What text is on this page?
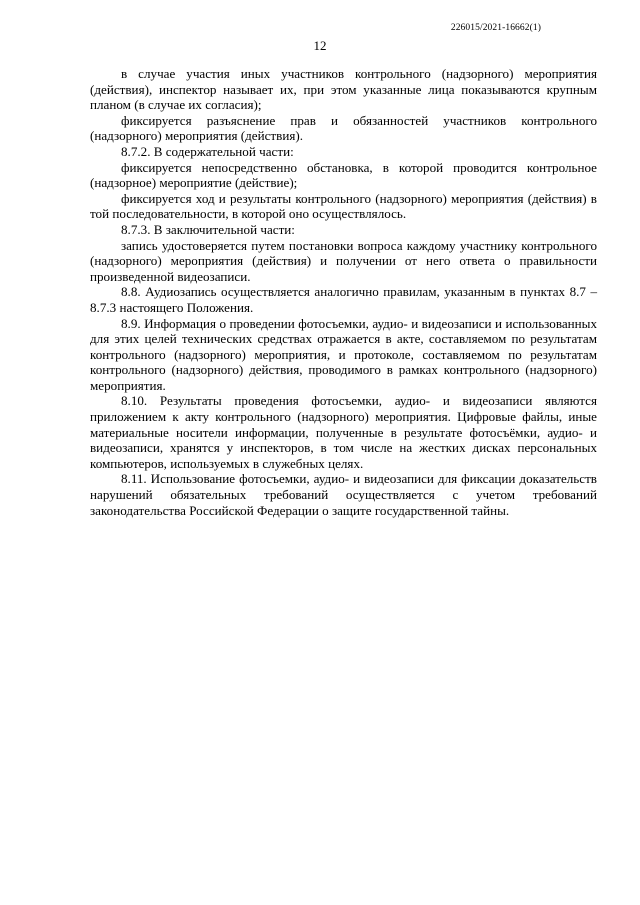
226015/2021-16662(1)
12

в случае участия иных участников контрольного (надзорного) мероприятия (действия), инспектор называет их, при этом указанные лица показываются крупным планом (в случае их согласия);

фиксируется разъяснение прав и обязанностей участников контрольного (надзорного) мероприятия (действия).

8.7.2. В содержательной части:

фиксируется непосредственно обстановка, в которой проводится контрольное (надзорное) мероприятие (действие);

фиксируется ход и результаты контрольного (надзорного) мероприятия (действия) в той последовательности, в которой оно осуществлялось.

8.7.3. В заключительной части:

запись удостоверяется путем постановки вопроса каждому участнику контрольного (надзорного) мероприятия (действия) и получении от него ответа о правильности произведенной видеозаписи.

8.8. Аудиозапись осуществляется аналогично правилам, указанным в пунктах 8.7 – 8.7.3 настоящего Положения.

8.9. Информация о проведении фотосъемки, аудио- и видеозаписи и использованных для этих целей технических средствах отражается в акте, составляемом по результатам контрольного (надзорного) мероприятия, и протоколе, составляемом по результатам контрольного (надзорного) действия, проводимого в рамках контрольного (надзорного) мероприятия.

8.10. Результаты проведения фотосъемки, аудио- и видеозаписи являются приложением к акту контрольного (надзорного) мероприятия. Цифровые файлы, иные материальные носители информации, полученные в результате фотосъёмки, аудио- и видеозаписи, хранятся у инспекторов, в том числе на жестких дисках персональных компьютеров, используемых в служебных целях.

8.11. Использование фотосъемки, аудио- и видеозаписи для фиксации доказательств нарушений обязательных требований осуществляется с учетом требований законодательства Российской Федерации о защите государственной тайны.
